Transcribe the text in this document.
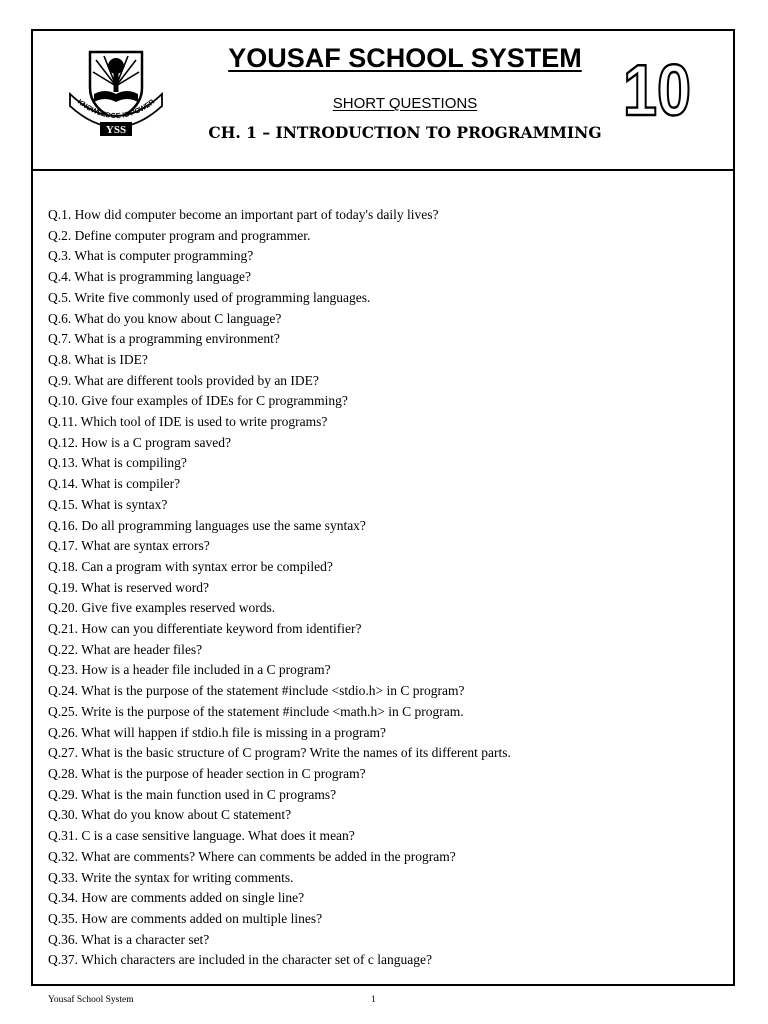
KNOWLEDGE IS POWER
YSS
YOUSAF SCHOOL SYSTEM
SHORT QUESTIONS
CH. 1 – INTRODUCTION TO PROGRAMMING
10
Q.1. How did computer become an important part of today's daily lives?
Q.2. Define computer program and programmer.
Q.3. What is computer programming?
Q.4. What is programming language?
Q.5. Write five commonly used of programming languages.
Q.6. What do you know about C language?
Q.7. What is a programming environment?
Q.8. What is IDE?
Q.9. What are different tools provided by an IDE?
Q.10. Give four examples of IDEs for C programming?
Q.11. Which tool of IDE is used to write programs?
Q.12. How is a C program saved?
Q.13. What is compiling?
Q.14. What is compiler?
Q.15. What is syntax?
Q.16. Do all programming languages use the same syntax?
Q.17. What are syntax errors?
Q.18. Can a program with syntax error be compiled?
Q.19. What is reserved word?
Q.20. Give five examples reserved words.
Q.21. How can you differentiate keyword from identifier?
Q.22. What are header files?
Q.23. How is a header file included in a C program?
Q.24. What is the purpose of the statement #include <stdio.h> in C program?
Q.25. Write is the purpose of the statement #include <math.h> in C program.
Q.26. What will happen if stdio.h file is missing in a program?
Q.27. What is the basic structure of C program? Write the names of its different parts.
Q.28. What is the purpose of header section in C program?
Q.29. What is the main function used in C programs?
Q.30. What do you know about C statement?
Q.31. C is a case sensitive language. What does it mean?
Q.32. What are comments? Where can comments be added in the program?
Q.33. Write the syntax for writing comments.
Q.34. How are comments added on single line?
Q.35. How are comments added on multiple lines?
Q.36. What is a character set?
Q.37. Which characters are included in the character set of c language?
Yousaf School System	1
